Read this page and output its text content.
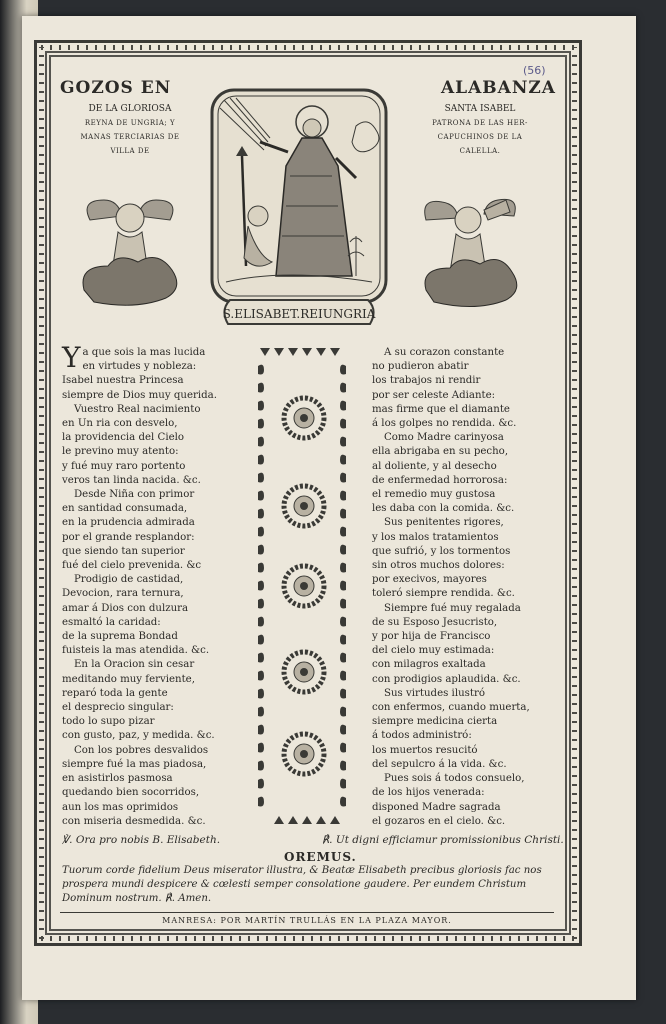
(56)
GOZOS EN	ALABANZA
DE LA GLORIOSA
REYNA DE UNGRIA; Y
MANAS TERCIARIAS DE
VILLA DE
SANTA ISABEL
PATRONA DE LAS HER-
CAPUCHINOS DE LA
CALELLA.
S.ELISABET.REIUNGRIA
Ya que sois la mas lucida
en virtudes y nobleza:
Isabel nuestra Princesa
siempre de Dios muy querida.
Vuestro Real nacimiento
en Un ria con desvelo,
la providencia del Cielo
le previno muy atento:
y fué muy raro portento
veros tan linda nacida. &c.
Desde Niña con primor
en santidad consumada,
en la prudencia admirada
por el grande resplandor:
que siendo tan superior
fué del cielo prevenida. &c
Prodigio de castidad,
Devocion, rara ternura,
amar á Dios con dulzura
esmaltó la caridad:
de la suprema Bondad
fuisteis la mas atendida. &c.
En la Oracion sin cesar
meditando muy ferviente,
reparó toda la gente
el desprecio singular:
todo lo supo pizar
con gusto, paz, y medida. &c.
Con los pobres desvalidos
siempre fué la mas piadosa,
en asistirlos pasmosa
quedando bien socorridos,
aun los mas oprimidos
con miseria desmedida. &c.
A su corazon constante
no pudieron abatir
los trabajos ni rendir
por ser celeste Adiante:
mas firme que el diamante
á los golpes no rendida. &c.
Como Madre carinyosa
ella abrigaba en su pecho,
al doliente, y al desecho
de enfermedad horrorosa:
el remedio muy gustosa
les daba con la comida. &c.
Sus penitentes rigores,
y los malos tratamientos
que sufrió, y los tormentos
sin otros muchos dolores:
por execivos, mayores
toleró siempre rendida. &c.
Siempre fué muy regalada
de su Esposo Jesucristo,
y por hija de Francisco
del cielo muy estimada:
con milagros exaltada
con prodigios aplaudida. &c.
Sus virtudes ilustró
con enfermos, cuando muerta,
siempre medicina cierta
á todos administró:
los muertos resucitó
del sepulcro á la vida. &c.
Pues sois á todos consuelo,
de los hijos venerada:
disponed Madre sagrada
el gozaros en el cielo. &c.
℣. Ora pro nobis B. Elisabeth.	℟. Ut digni efficiamur promissionibus Christi.
OREMUS.
Tuorum corde fidelium Deus miserator illustra, & Beatæ Elisabeth precibus gloriosis fac nos prospera mundi despicere & cœlesti semper consolatione gaudere. Per eundem Christum Dominum nostrum. ℟. Amen.
MANRESA: POR MARTÍN TRULLÁS EN LA PLAZA MAYOR.
